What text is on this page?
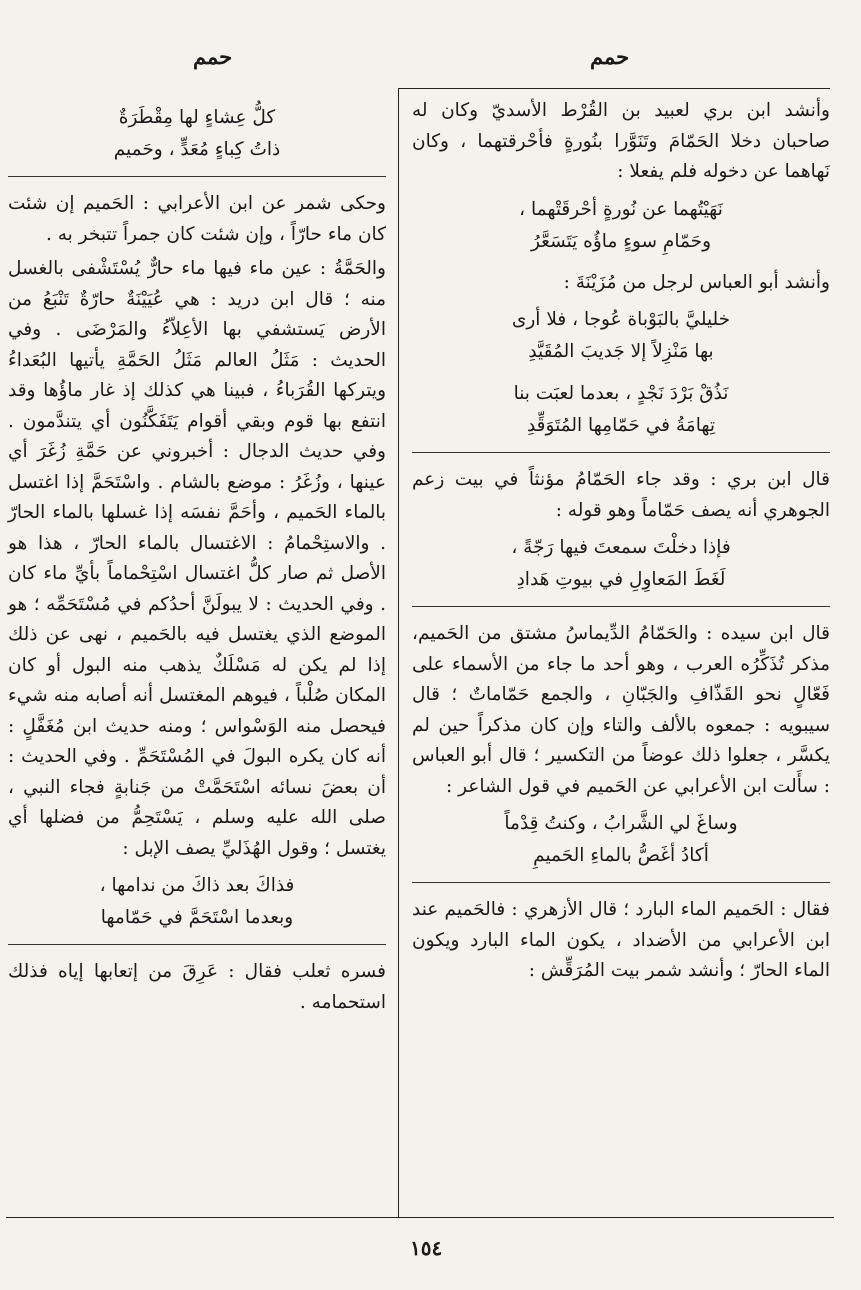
حمم
حمم

وأنشد ابن بري لعبيد بن القُرْط الأسديّ وكان له صاحبان دخلا الحَمّامَ وتَنَوَّرا بنُورةٍ فأحْرقتهما ، وكان نَهاهما عن دخوله فلم يفعلا :

نَهَيْتُهما عن نُورةٍ أحْرقَتْهما ،
وحَمّامِ سوءٍ ماؤُه يَتَسَعَّرُ

وأنشد أبو العباس لرجل من مُزَيْنَةَ :

خليليَّ بالبَوْباة عُوجا ، فلا أرى
بها مَنْزِلاً إلا جَديبَ المُقَيَّدِ
نَذُقْ بَرْدَ نَجْدٍ ، بعدما لعبَت بنا
تِهامَةُ في حَمّامِها المُتَوَقِّدِ

قال ابن بري : وقد جاء الحَمّامُ مؤنثاً في بيت زعم الجوهري أنه يصف حَمّاماً وهو قوله :

فإذا دخلْتَ سمعتَ فيها رَجّةً ،
لَغَطَ المَعاوِلِ في بيوتِ هَدادِ

قال ابن سيده : والحَمّامُ الدِّيماسُ مشتق من الحَميم، مذكر تُذَكِّرُه العرب ، وهو أحد ما جاء من الأسماء على فَعّالٍ نحو القَذّافِ والجَبّانِ ، والجمع حَمّاماتٌ ؛ قال سيبويه : جمعوه بالألف والتاء وإن كان مذكراً حين لم يكسَّر ، جعلوا ذلك عوضاً من التكسير ؛ قال أبو العباس : سأَلت ابن الأعرابي عن الحَميم في قول الشاعر :

وساغَ لي الشَّرابُ ، وكنتُ قِدْماً
أكادُ أغَصُّ بالماءِ الحَميمِ

فقال : الحَميم الماء البارد ؛ قال الأزهري : فالحَميم عند ابن الأعرابي من الأضداد ، يكون الماء البارد ويكون الماء الحارّ ؛ وأنشد شمر بيت المُرَقِّش :

كلُّ عِشاءٍ لها مِقْطَرَةٌ
ذاتُ كِباءٍ مُعَدٍّ ، وحَميم

وحكى شمر عن ابن الأعرابي : الحَميم إن شئت كان ماء حارّاً ، وإن شئت كان جمراً تتبخر به .

والحَمَّةُ : عين ماء فيها ماء حارٌّ يُسْتَشْفى بالغسل منه ؛ قال ابن دريد : هي عُيَيْنَةٌ حارّةٌ تَنْبَعُ من الأرض يَستشفي بها الأعِلاّءُ والمَرْضَى . وفي الحديث : مَثَلُ العالم مَثَلُ الحَمَّةِ يأتيها البُعَداءُ ويتركها القُرَباءُ ، فبينا هي كذلك إذ غار ماؤُها وقد انتفع بها قوم وبقي أقوام يَتَفَكَّنُون أي يتندَّمون . وفي حديث الدجال : أخبروني عن حَمَّةِ زُغَرَ أي عينها ، وزُغَرُ : موضع بالشام . واسْتَحَمَّ إذا اغتسل بالماء الحَميم ، وأحَمَّ نفسَه إذا غسلها بالماء الحارّ . والاستِحْمامُ : الاغتسال بالماء الحارّ ، هذا هو الأصل ثم صار كلُّ اغتسال اسْتِحْماماً بأيِّ ماء كان . وفي الحديث : لا يبولَنَّ أحدُكم في مُسْتَحَمِّه ؛ هو الموضع الذي يغتسل فيه بالحَميم ، نهى عن ذلك إذا لم يكن له مَسْلَكٌ يذهب منه البول أو كان المكان صُلْباً ، فيوهم المغتسل أنه أصابه منه شيء فيحصل منه الوَسْواس ؛ ومنه حديث ابن مُغَفَّلٍ : أنه كان يكره البولَ في المُسْتَحَمِّ . وفي الحديث : أن بعضَ نسائه اسْتَحَمَّتْ من جَنابةٍ فجاء النبي ، صلى الله عليه وسلم ، يَسْتَحِمُّ من فضلها أي يغتسل ؛ وقول الهُذَليِّ يصف الإبل :

فذاكَ بعد ذاكَ من ندامها ،
وبعدما اسْتَحَمَّ في حَمّامها

فسره ثعلب فقال : عَرِقَ من إتعابها إياه فذلك استحمامه .

١٥٤
